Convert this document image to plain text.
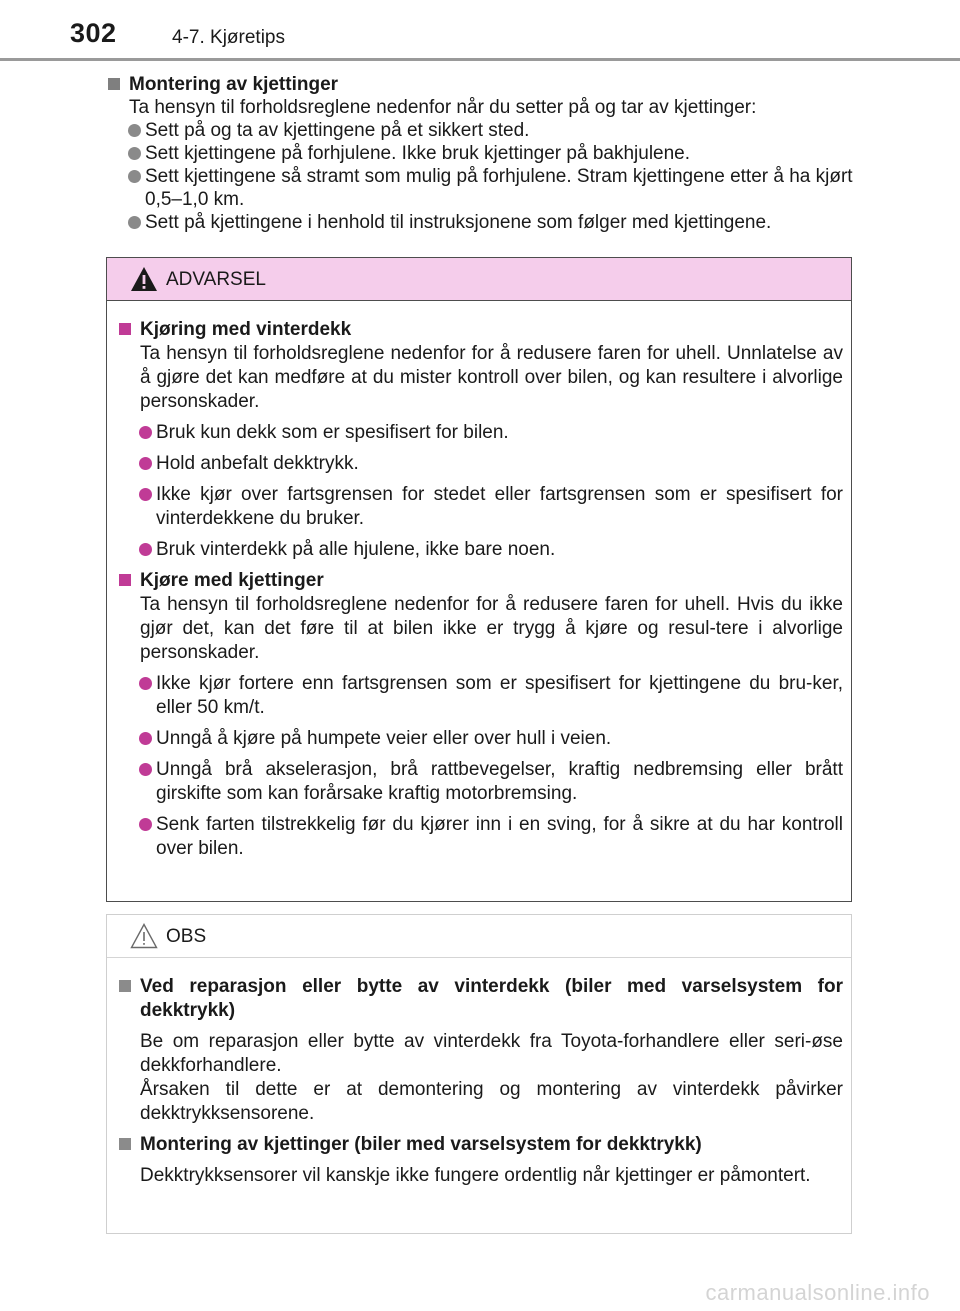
302	4-7. Kjøretips
Montering av kjettinger
Ta hensyn til forholdsreglene nedenfor når du setter på og tar av kjettinger:
Sett på og ta av kjettingene på et sikkert sted.
Sett kjettingene på forhjulene. Ikke bruk kjettinger på bakhjulene.
Sett kjettingene så stramt som mulig på forhjulene. Stram kjettingene etter å ha kjørt 0,5–1,0 km.
Sett på kjettingene i henhold til instruksjonene som følger med kjettingene.
ADVARSEL
Kjøring med vinterdekk
Ta hensyn til forholdsreglene nedenfor for å redusere faren for uhell. Unnlatelse av å gjøre det kan medføre at du mister kontroll over bilen, og kan resultere i alvorlige personskader.
Bruk kun dekk som er spesifisert for bilen.
Hold anbefalt dekktrykk.
Ikke kjør over fartsgrensen for stedet eller fartsgrensen som er spesifisert for vinterdekkene du bruker.
Bruk vinterdekk på alle hjulene, ikke bare noen.
Kjøre med kjettinger
Ta hensyn til forholdsreglene nedenfor for å redusere faren for uhell. Hvis du ikke gjør det, kan det føre til at bilen ikke er trygg å kjøre og resul-tere i alvorlige personskader.
Ikke kjør fortere enn fartsgrensen som er spesifisert for kjettingene du bru-ker, eller 50 km/t.
Unngå å kjøre på humpete veier eller over hull i veien.
Unngå brå akselerasjon, brå rattbevegelser, kraftig nedbremsing eller brått girskifte som kan forårsake kraftig motorbremsing.
Senk farten tilstrekkelig før du kjører inn i en sving, for å sikre at du har kontroll over bilen.
OBS
Ved reparasjon eller bytte av vinterdekk (biler med varselsystem for dekktrykk)
Be om reparasjon eller bytte av vinterdekk fra Toyota-forhandlere eller seri-øse dekkforhandlere.
Årsaken til dette er at demontering og montering av vinterdekk påvirker dekktrykksensorene.
Montering av kjettinger (biler med varselsystem for dekktrykk)
Dekktrykksensorer vil kanskje ikke fungere ordentlig når kjettinger er påmontert.
carmanualsonline.info
